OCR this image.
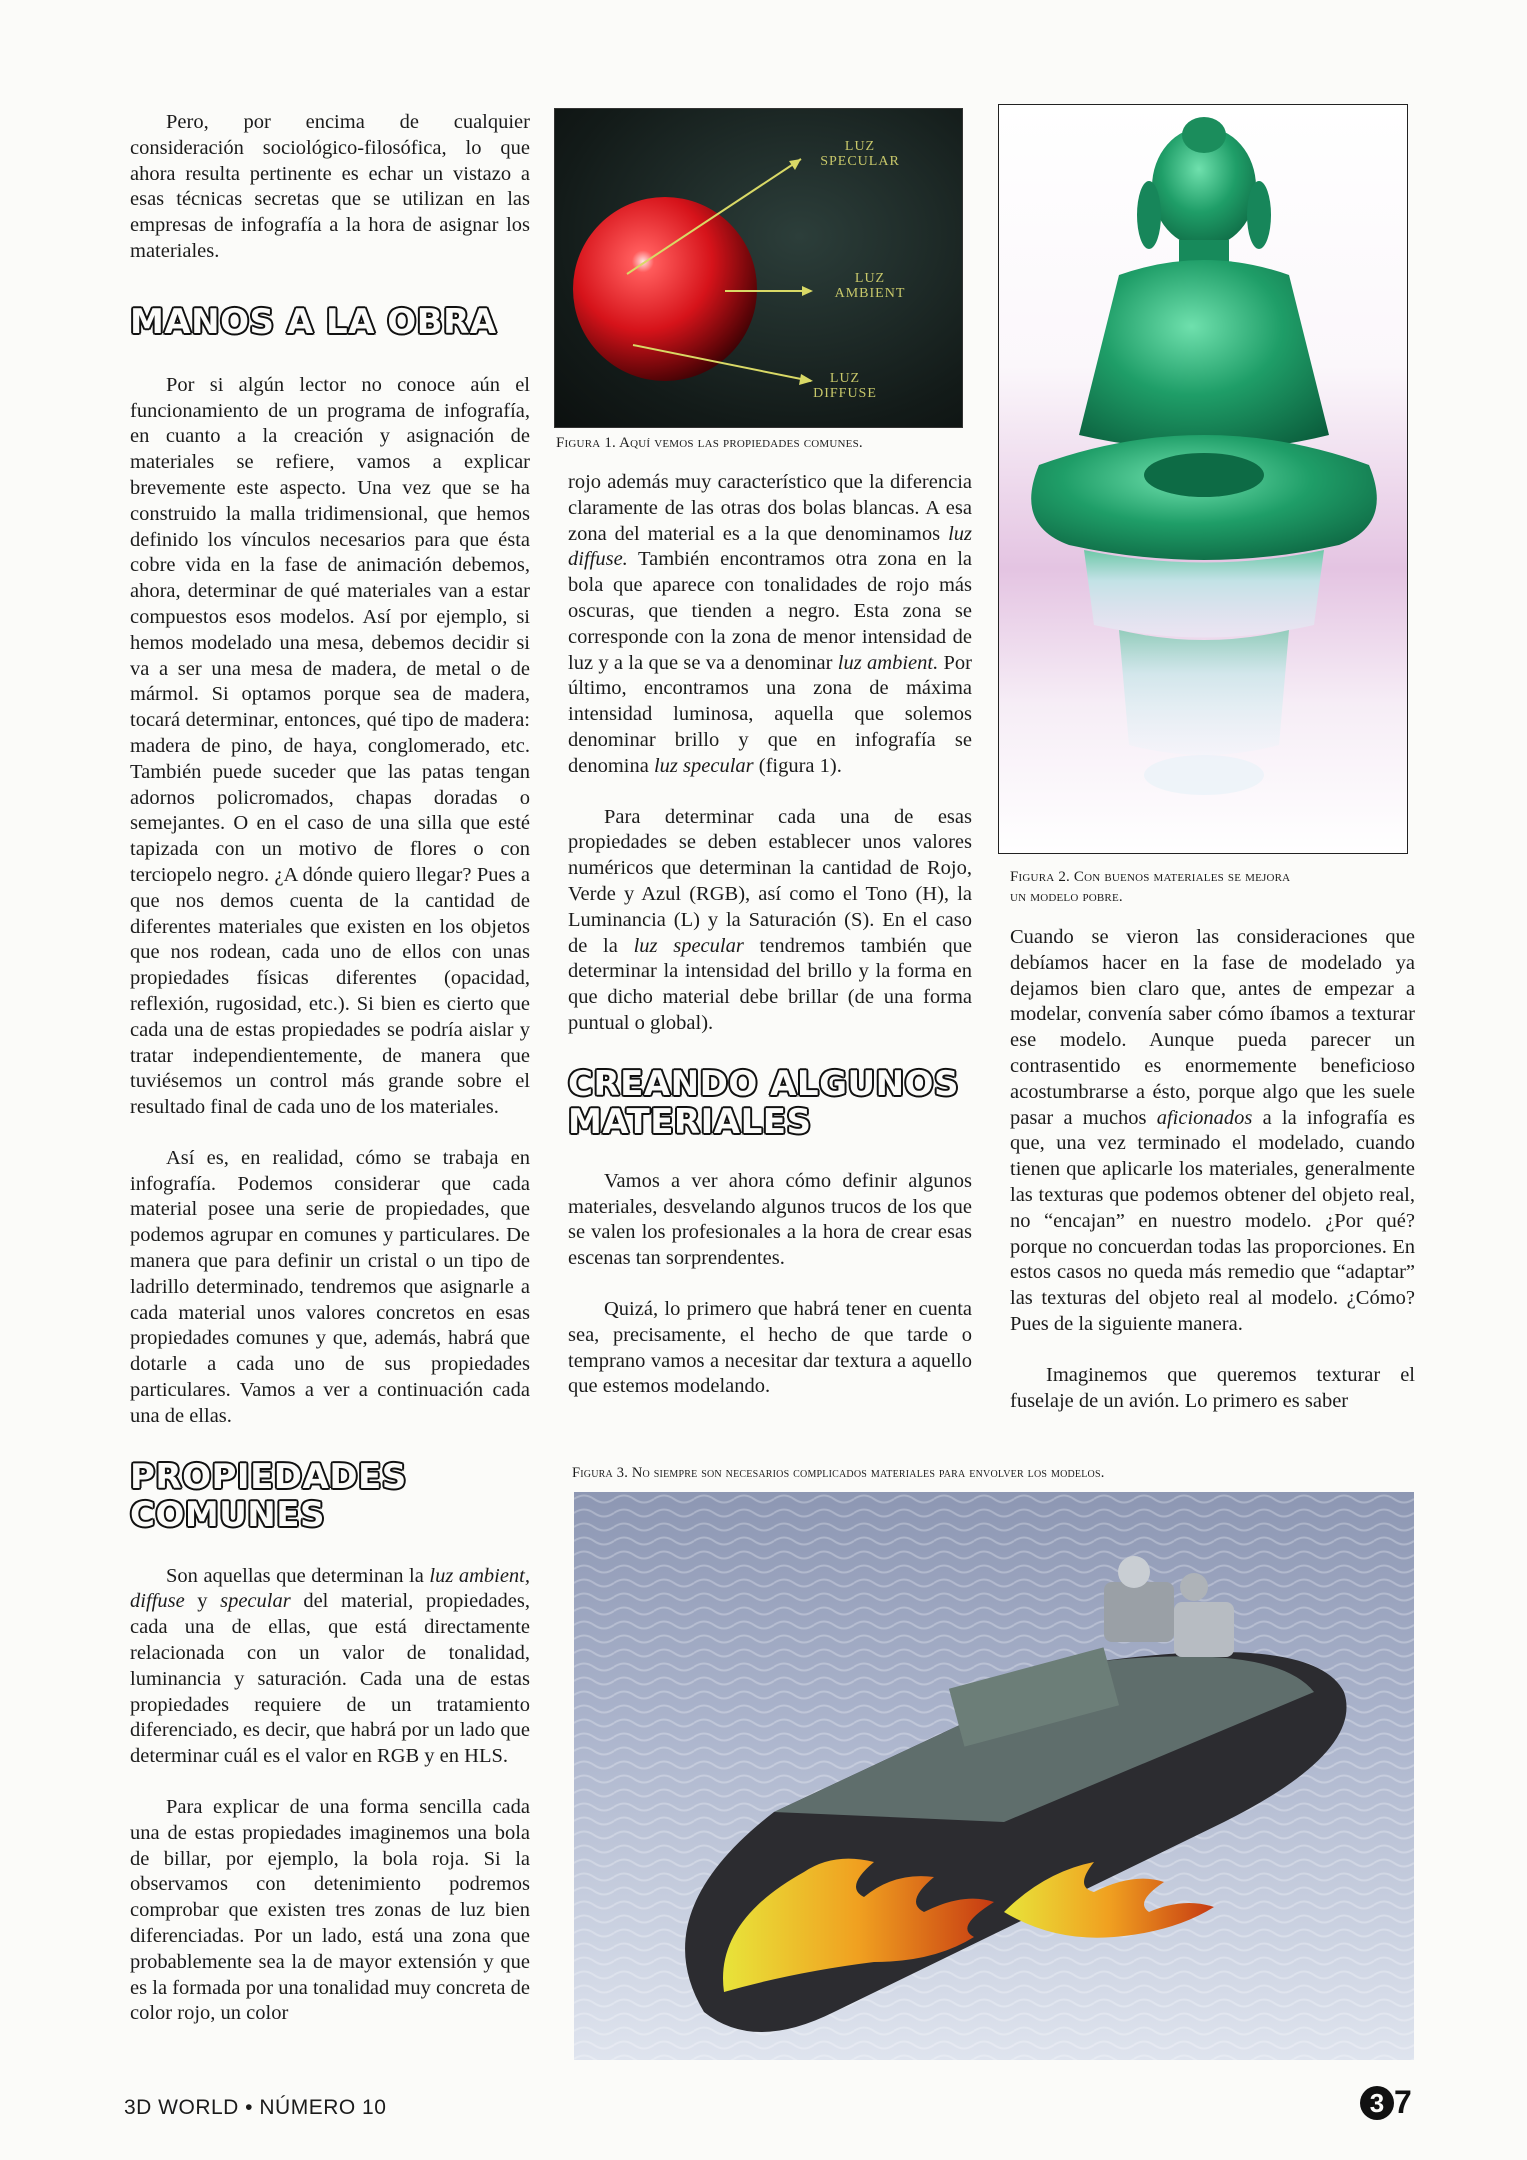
Pero, por encima de cualquier consideración sociológico-filosófica, lo que ahora resulta pertinente es echar un vistazo a esas técnicas secretas que se utilizan en las empresas de infografía a la hora de asignar los materiales.

MANOS A LA OBRA

Por si algún lector no conoce aún el funcionamiento de un programa de infografía, en cuanto a la creación y asignación de materiales se refiere, vamos a explicar brevemente este aspecto. Una vez que se ha construido la malla tridimensional, que hemos definido los vínculos necesarios para que ésta cobre vida en la fase de animación debemos, ahora, determinar de qué materiales van a estar compuestos esos modelos. Así por ejemplo, si hemos modelado una mesa, debemos decidir si va a ser una mesa de madera, de metal o de mármol. Si optamos porque sea de madera, tocará determinar, entonces, qué tipo de madera: madera de pino, de haya, conglomerado, etc. También puede suceder que las patas tengan adornos policromados, chapas doradas o semejantes. O en el caso de una silla que esté tapizada con un motivo de flores o con terciopelo negro. ¿A dónde quiero llegar? Pues a que nos demos cuenta de la cantidad de diferentes materiales que existen en los objetos que nos rodean, cada uno de ellos con unas propiedades físicas diferentes (opacidad, reflexión, rugosidad, etc.). Si bien es cierto que cada una de estas propiedades se podría aislar y tratar independientemente, de manera que tuviésemos un control más grande sobre el resultado final de cada uno de los materiales.

Así es, en realidad, cómo se trabaja en infografía. Podemos considerar que cada material posee una serie de propiedades, que podemos agrupar en comunes y particulares. De manera que para definir un cristal o un tipo de ladrillo determinado, tendremos que asignarle a cada material unos valores concretos en esas propiedades comunes y que, además, habrá que dotarle a cada uno de sus propiedades particulares. Vamos a ver a continuación cada una de ellas.

PROPIEDADES
COMUNES

Son aquellas que determinan la luz ambient, diffuse y specular del material, propiedades, cada una de ellas, que está directamente relacionada con un valor de tonalidad, luminancia y saturación. Cada una de estas propiedades requiere de un tratamiento diferenciado, es decir, que habrá por un lado que determinar cuál es el valor en RGB y en HLS.

Para explicar de una forma sencilla cada una de estas propiedades imaginemos una bola de billar, por ejemplo, la bola roja. Si la observamos con detenimiento podremos comprobar que existen tres zonas de luz bien diferenciadas. Por un lado, está una zona que probablemente sea la de mayor extensión y que es la formada por una tonalidad muy concreta de color rojo, un color

LUZ
SPECULAR
LUZ
AMBIENT
LUZ
DIFFUSE
Figura 1. Aquí vemos las propiedades comunes.

rojo además muy característico que la diferencia claramente de las otras dos bolas blancas. A esa zona del material es a la que denominamos luz diffuse. También encontramos otra zona en la bola que aparece con tonalidades de rojo más oscuras, que tienden a negro. Esta zona se corresponde con la zona de menor intensidad de luz y a la que se va a denominar luz ambient. Por último, encontramos una zona de máxima intensidad luminosa, aquella que solemos denominar brillo y que en infografía se denomina luz specular (figura 1).

Para determinar cada una de esas propiedades se deben establecer unos valores numéricos que determinan la cantidad de Rojo, Verde y Azul (RGB), así como el Tono (H), la Luminancia (L) y la Saturación (S). En el caso de la luz specular tendremos también que determinar la intensidad del brillo y la forma en que dicho material debe brillar (de una forma puntual o global).

CREANDO ALGUNOS
MATERIALES

Vamos a ver ahora cómo definir algunos materiales, desvelando algunos trucos de los que se valen los profesionales a la hora de crear esas escenas tan sorprendentes.

Quizá, lo primero que habrá tener en cuenta sea, precisamente, el hecho de que tarde o temprano vamos a necesitar dar textura a aquello que estemos modelando.

Figura 2. Con buenos materiales se mejora
un modelo pobre.

Cuando se vieron las consideraciones que debíamos hacer en la fase de modelado ya dejamos bien claro que, antes de empezar a modelar, convenía saber cómo íbamos a texturar ese modelo. Aunque pueda parecer un contrasentido es enormemente beneficioso acostumbrarse a ésto, porque algo que les suele pasar a muchos aficionados a la infografía es que, una vez terminado el modelado, cuando tienen que aplicarle los materiales, generalmente las texturas que podemos obtener del objeto real, no “encajan” en nuestro modelo. ¿Por qué? porque no concuerdan todas las proporciones. En estos casos no queda más remedio que “adaptar” las texturas del objeto real al modelo. ¿Cómo? Pues de la siguiente manera.

Imaginemos que queremos texturar el fuselaje de un avión. Lo primero es saber

Figura 3. No siempre son necesarios complicados materiales para envolver los modelos.
3D WORLD • NÚMERO 10	3 7
